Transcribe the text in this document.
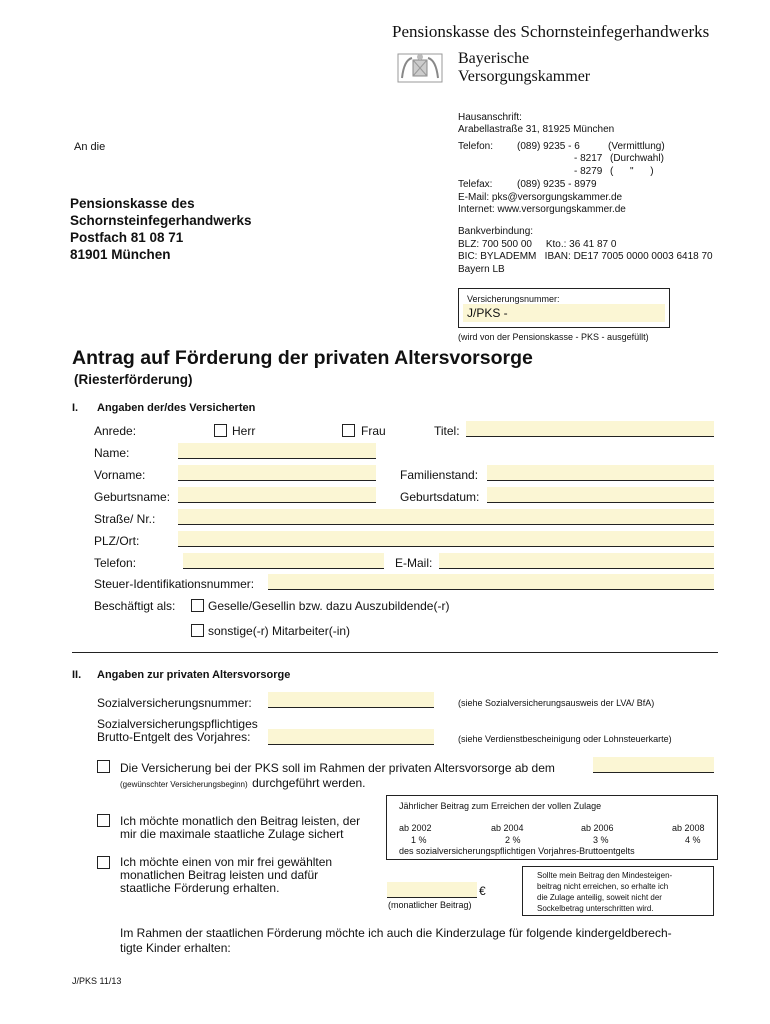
Pensionskasse des Schornsteinfegerhandwerks
Bayerische
Versorgungskammer
Hausanschrift:
Arabellastraße 31, 81925 München
Telefon: (089) 9235 - 6	(Vermittlung)
- 8217 (Durchwahl)
- 8279 (      "      )
Telefax: (089) 9235 - 8979
E-Mail: pks@versorgungskammer.de
Internet: www.versorgungskammer.de
Bankverbindung:
BLZ: 700 500 00     Kto.: 36 41 87 0
BIC: BYLADEMM   IBAN: DE17 7005 0000 0003 6418 70
Bayern LB
An die
Pensionskasse des
Schornsteinfegerhandwerks
Postfach 81 08 71
81901 München
Versicherungsnummer:
J/PKS -
(wird von der Pensionskasse - PKS - ausgefüllt)
Antrag auf Förderung der privaten Altersvorsorge
(Riesterförderung)
I. Angaben der/des Versicherten
Anrede:	Herr	Frau	Titel:
Name:
Vorname:	Familienstand:
Geburtsname:	Geburtsdatum:
Straße/ Nr.:
PLZ/Ort:
Telefon:	E-Mail:
Steuer-Identifikationsnummer:
Beschäftigt als:	Geselle/Gesellin bzw. dazu Auszubildende(-r)
sonstige(-r) Mitarbeiter(-in)
II. Angaben zur privaten Altersvorsorge
Sozialversicherungsnummer:	(siehe Sozialversicherungsausweis der LVA/ BfA)
Sozialversicherungspflichtiges
Brutto-Entgelt des Vorjahres:	(siehe Verdienstbescheinigung oder Lohnsteuerkarte)
Die Versicherung bei der PKS soll im Rahmen der privaten Altersvorsorge ab dem
(gewünschter Versicherungsbeginn) durchgeführt werden.
Jährlicher Beitrag zum Erreichen der vollen Zulage
ab 2002	ab 2004	ab 2006	ab 2008
1 %	2 %	3 %	4 %
des sozialversicherungspflichtigen Vorjahres-Bruttoentgelts
Ich möchte monatlich den Beitrag leisten, der
mir die maximale staatliche Zulage sichert
Ich möchte einen von mir frei gewählten
monatlichen Beitrag leisten und dafür
staatliche Förderung erhalten.	€
(monatlicher Beitrag)
Sollte mein Beitrag den Mindesteigen-
beitrag nicht erreichen, so erhalte ich
die Zulage anteilig, soweit nicht der
Sockelbetrag unterschritten wird.
Im Rahmen der staatlichen Förderung möchte ich auch die Kinderzulage für folgende kindergeldberech-
tigte Kinder erhalten:
J/PKS 11/13
